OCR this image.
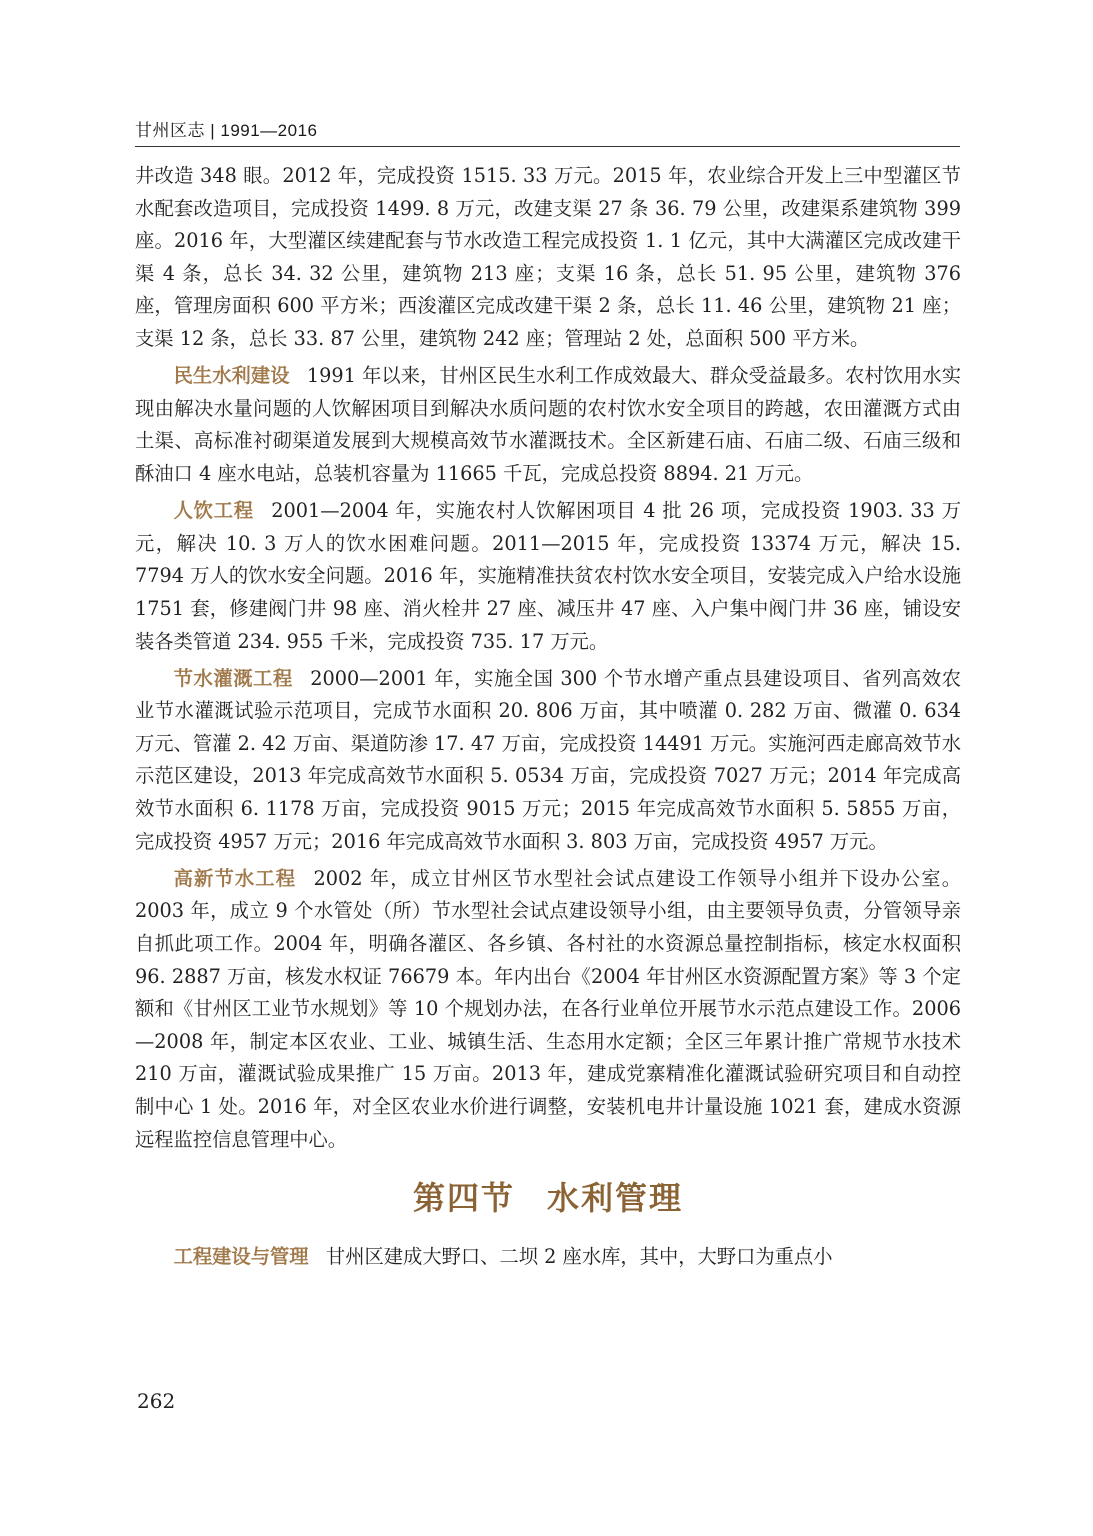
甘州区志 | 1991—2016

井改造 348 眼。2012 年，完成投资 1515. 33 万元。2015 年，农业综合开发上三中型灌区节水配套改造项目，完成投资 1499. 8 万元，改建支渠 27 条 36. 79 公里，改建渠系建筑物 399 座。2016 年，大型灌区续建配套与节水改造工程完成投资 1. 1 亿元，其中大满灌区完成改建干渠 4 条，总长 34. 32 公里，建筑物 213 座；支渠 16 条，总长 51. 95 公里，建筑物 376 座，管理房面积 600 平方米；西浚灌区完成改建干渠 2 条，总长 11. 46 公里，建筑物 21 座；支渠 12 条，总长 33. 87 公里，建筑物 242 座；管理站 2 处，总面积 500 平方米。

民生水利建设 1991 年以来，甘州区民生水利工作成效最大、群众受益最多。农村饮用水实现由解决水量问题的人饮解困项目到解决水质问题的农村饮水安全项目的跨越，农田灌溉方式由土渠、高标准衬砌渠道发展到大规模高效节水灌溉技术。全区新建石庙、石庙二级、石庙三级和酥油口 4 座水电站，总装机容量为 11665 千瓦，完成总投资 8894. 21 万元。

人饮工程 2001—2004 年，实施农村人饮解困项目 4 批 26 项，完成投资 1903. 33 万元，解决 10. 3 万人的饮水困难问题。2011—2015 年，完成投资 13374 万元，解决 15. 7794 万人的饮水安全问题。2016 年，实施精准扶贫农村饮水安全项目，安装完成入户给水设施 1751 套，修建阀门井 98 座、消火栓井 27 座、减压井 47 座、入户集中阀门井 36 座，铺设安装各类管道 234. 955 千米，完成投资 735. 17 万元。

节水灌溉工程 2000—2001 年，实施全国 300 个节水增产重点县建设项目、省列高效农业节水灌溉试验示范项目，完成节水面积 20. 806 万亩，其中喷灌 0. 282 万亩、微灌 0. 634 万元、管灌 2. 42 万亩、渠道防渗 17. 47 万亩，完成投资 14491 万元。实施河西走廊高效节水示范区建设，2013 年完成高效节水面积 5. 0534 万亩，完成投资 7027 万元；2014 年完成高效节水面积 6. 1178 万亩，完成投资 9015 万元；2015 年完成高效节水面积 5. 5855 万亩，完成投资 4957 万元；2016 年完成高效节水面积 3. 803 万亩，完成投资 4957 万元。

高新节水工程 2002 年，成立甘州区节水型社会试点建设工作领导小组并下设办公室。2003 年，成立 9 个水管处（所）节水型社会试点建设领导小组，由主要领导负责，分管领导亲自抓此项工作。2004 年，明确各灌区、各乡镇、各村社的水资源总量控制指标，核定水权面积 96. 2887 万亩，核发水权证 76679 本。年内出台《2004 年甘州区水资源配置方案》等 3 个定额和《甘州区工业节水规划》等 10 个规划办法，在各行业单位开展节水示范点建设工作。2006—2008 年，制定本区农业、工业、城镇生活、生态用水定额；全区三年累计推广常规节水技术 210 万亩，灌溉试验成果推广 15 万亩。2013 年，建成党寨精准化灌溉试验研究项目和自动控制中心 1 处。2016 年，对全区农业水价进行调整，安装机电井计量设施 1021 套，建成水资源远程监控信息管理中心。

第四节 水利管理

工程建设与管理 甘州区建成大野口、二坝 2 座水库，其中，大野口为重点小

262
